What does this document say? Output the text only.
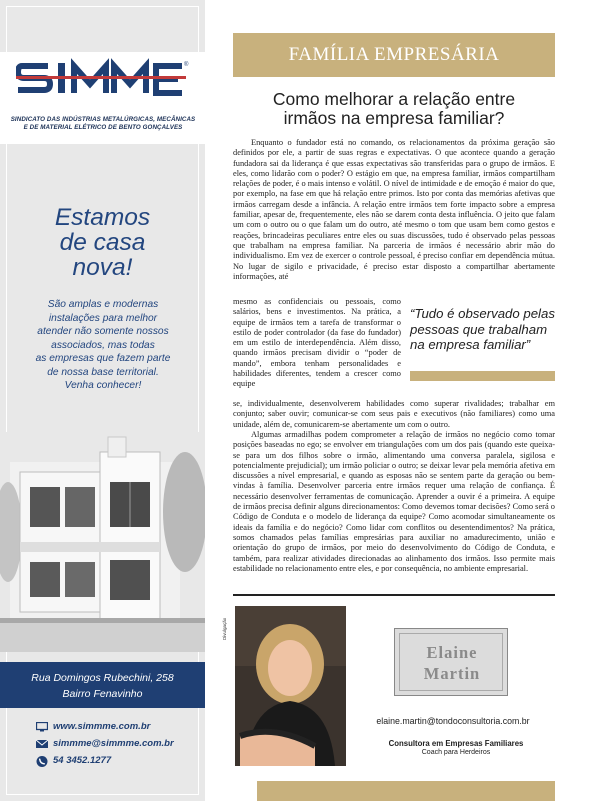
®
SINDICATO DAS INDÚSTRIAS METALÚRGICAS, MECÂNICAS
E DE MATERIAL ELÉTRICO DE BENTO GONÇALVES
Estamos
de casa
nova!
São amplas e modernas
instalações para melhor
atender não somente nossos
associados, mas todas
as empresas que fazem parte
de nossa base territorial.
Venha conhecer!
Rua Domingos Rubechini, 258
Bairro Fenavinho
www.simmme.com.br
simmme@simmme.com.br
54 3452.1277
FAMÍLIA EMPRESÁRIA
Como melhorar a relação entre
irmãos na empresa familiar?

Enquanto o fundador está no comando, os relacionamentos da próxima geração são definidos por ele, a partir de suas regras e expectativas. O que acontece quando a geração fundadora sai da liderança é que essas expectativas são transferidas para o grupo de irmãos. E eles, como lidarão com o poder? O estágio em que, na empresa familiar, irmãos compartilham relações de poder, é o mais intenso e volátil. O nível de intimidade e de emoção é maior do que, por exemplo, na fase em que há relação entre primos. Isto por conta das memórias afetivas que irmãos carregam desde a infância. A relação entre irmãos tem forte impacto sobre a empresa familiar, apesar de, frequentemente, eles não se darem conta desta influência. O jeito que falam um com o outro ou o que falam um do outro, até mesmo o tom que usam bem como gestos e reações, brincadeiras peculiares entre eles ou suas discussões, tudo é observado pelas pessoas que trabalham na empresa familiar. Na parceria de irmãos é necessário abrir mão do individualismo. Em vez de exercer o controle pessoal, é preciso confiar em dependência mútua. No lugar de sigilo e privacidade, é preciso estar disposto a compartilhar abertamente informações, até

mesmo as confidenciais ou pessoais, como salários, bens e investimentos. Na prática, a equipe de irmãos tem a tarefa de transformar o estilo de poder controlador (da fase do fundador) em um estilo de interdependência. Além disso, quando irmãos precisam dividir o “poder de mando”, embora tenham personalidades e habilidades diferentes, tendem a crescer como equipe

se, individualmente, desenvolverem habilidades como superar rivalidades; trabalhar em conjunto; saber ouvir; comunicar-se com seus pais e executivos (não familiares) como uma unidade, além de, comunicarem-se abertamente um com o outro.

Algumas armadilhas podem comprometer a relação de irmãos no negócio como tomar posições baseadas no ego; se envolver em triangulações com um dos pais (quando este queixa-se para um dos filhos sobre o irmão, alimentando uma conversa paralela, sigilosa e potencialmente prejudicial); um irmão policiar o outro; se deixar levar pela memória afetiva em discussões a nível empresarial, e quando as esposas não se sentem parte da geração ou bem-vindas à família. Desenvolver parceria entre irmãos requer uma relação de confiança. É necessário desenvolver ferramentas de comunicação. Aprender a ouvir é a primeira. A equipe de irmãos precisa definir alguns direcionamentos: Como devemos tomar decisões? Como será o Código de Conduta e o modelo de liderança da equipe? Como acomodar simultaneamente os ideais da família e do negócio? Como lidar com conflitos ou desentendimentos? Na prática, somos chamados pelas famílias empresárias para auxiliar no amadurecimento, união e orientação do grupo de irmãos, por meio do desenvolvimento do Código de Conduta, e também, para realizar atividades direcionadas ao alinhamento dos irmãos. Isso permite mais estabilidade no relacionamento entre eles, e por consequência, no ambiente empresarial.

“Tudo é observado pelas pessoas que trabalham na empresa familiar”
Divulgação
Elaine
Martin
elaine.martin@tondoconsultoria.com.br
Consultora em Empresas Familiares
Coach para Herdeiros
